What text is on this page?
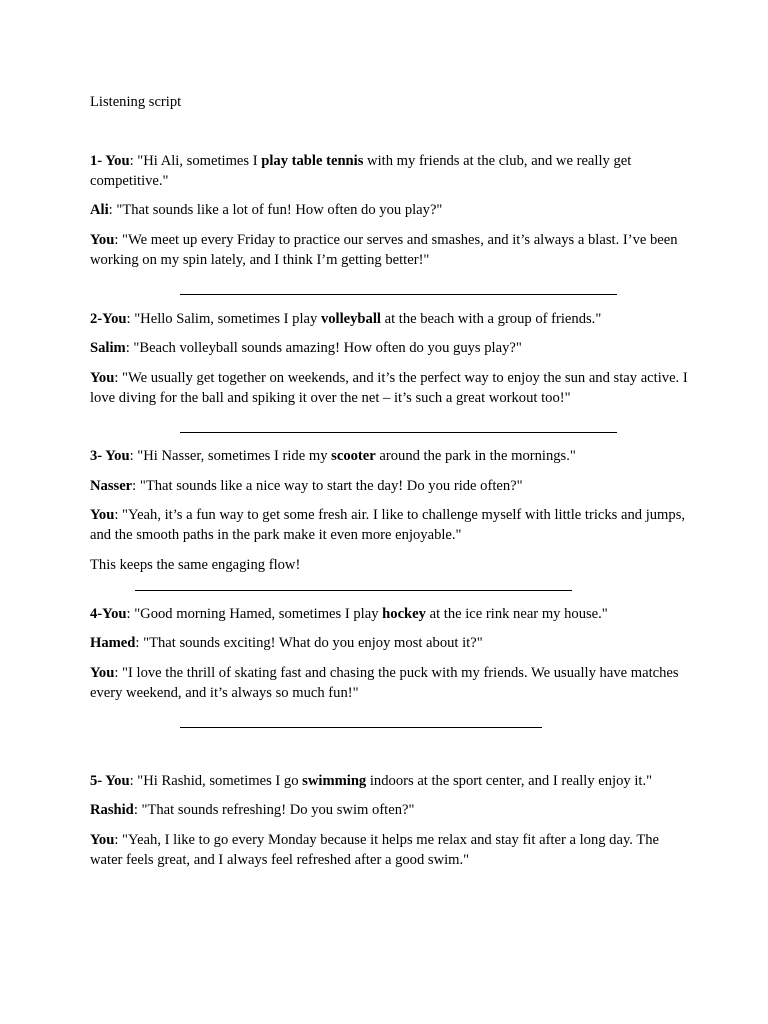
Listening script

1- You: "Hi Ali, sometimes I play table tennis with my friends at the club, and we really get competitive."

Ali: "That sounds like a lot of fun! How often do you play?"

You: "We meet up every Friday to practice our serves and smashes, and it’s always a blast. I’ve been working on my spin lately, and I think I’m getting better!"

2-You: "Hello Salim, sometimes I play volleyball at the beach with a group of friends."

Salim: "Beach volleyball sounds amazing! How often do you guys play?"

You: "We usually get together on weekends, and it’s the perfect way to enjoy the sun and stay active. I love diving for the ball and spiking it over the net – it’s such a great workout too!"

3- You: "Hi Nasser, sometimes I ride my scooter around the park in the mornings."

Nasser: "That sounds like a nice way to start the day! Do you ride often?"

You: "Yeah, it’s a fun way to get some fresh air. I like to challenge myself with little tricks and jumps, and the smooth paths in the park make it even more enjoyable."

This keeps the same engaging flow!

4-You: "Good morning Hamed, sometimes I play hockey at the ice rink near my house."

Hamed: "That sounds exciting! What do you enjoy most about it?"

You: "I love the thrill of skating fast and chasing the puck with my friends. We usually have matches every weekend, and it’s always so much fun!"

5- You: "Hi Rashid, sometimes I go swimming indoors at the sport center, and I really enjoy it."

Rashid: "That sounds refreshing! Do you swim often?"

You: "Yeah, I like to go every Monday because it helps me relax and stay fit after a long day. The water feels great, and I always feel refreshed after a good swim."
